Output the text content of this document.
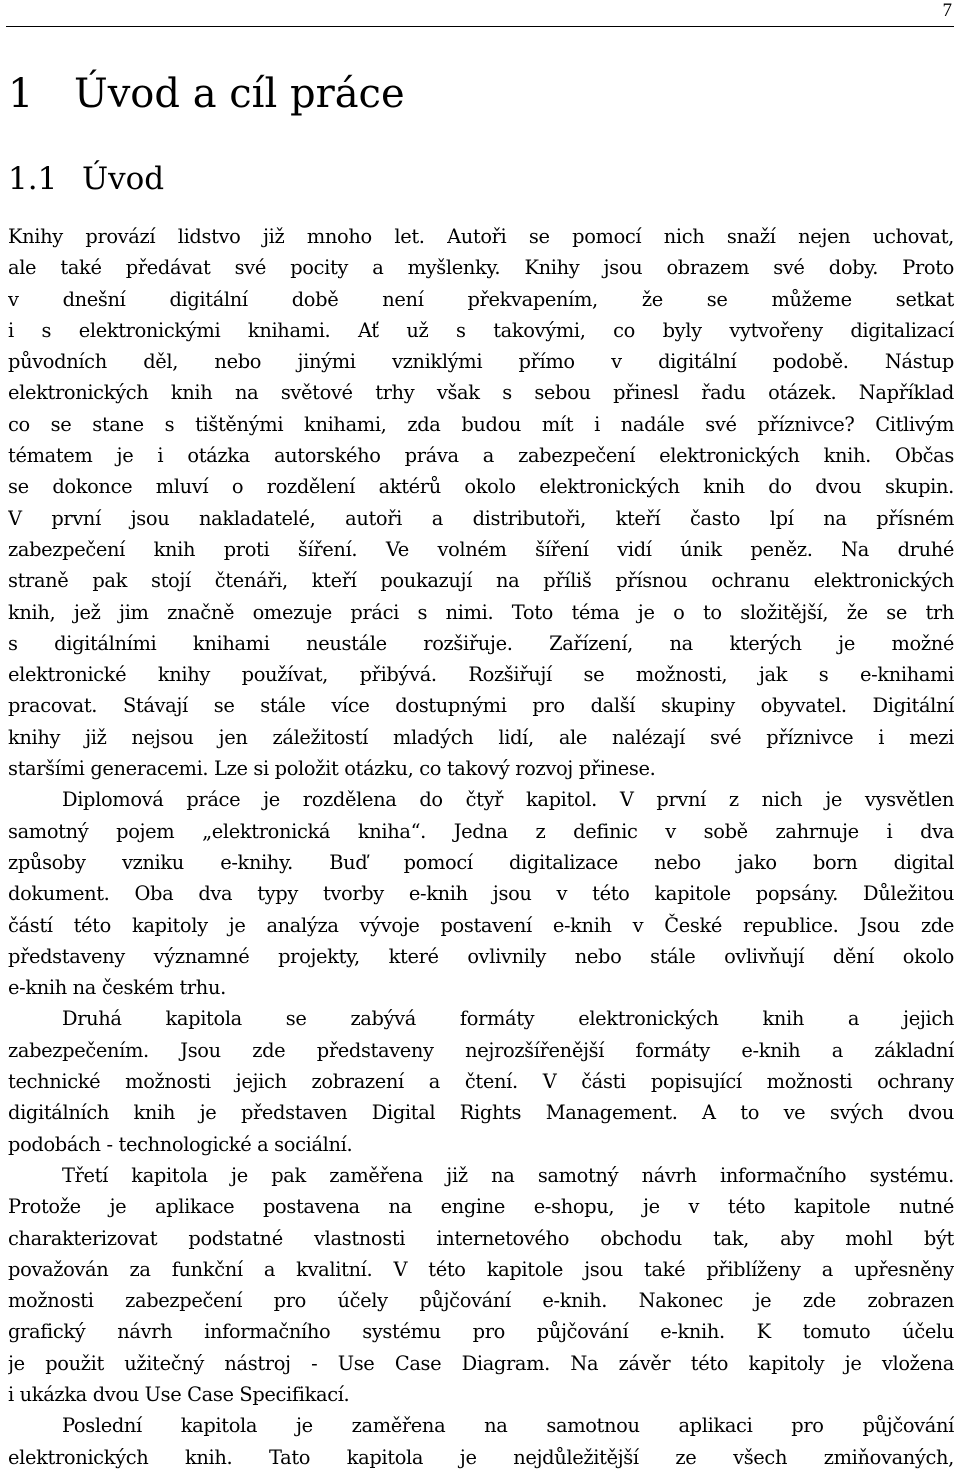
7
1 Úvod a cíl práce
1.1 Úvod
Knihy provází lidstvo již mnoho let. Autoři se pomocí nich snaží nejen uchovat,
ale také předávat své pocity a myšlenky. Knihy jsou obrazem své doby. Proto
v dnešní digitální době není překvapením, že se můžeme setkat
i s elektronickými knihami. Ať už s takovými, co byly vytvořeny digitalizací
původních děl, nebo jinými vzniklými přímo v digitální podobě. Nástup
elektronických knih na světové trhy však s sebou přinesl řadu otázek. Například
co se stane s tištěnými knihami, zda budou mít i nadále své příznivce? Citlivým
tématem je i otázka autorského práva a zabezpečení elektronických knih. Občas
se dokonce mluví o rozdělení aktérů okolo elektronických knih do dvou skupin.
V první jsou nakladatelé, autoři a distributoři, kteří často lpí na přísném
zabezpečení knih proti šíření. Ve volném šíření vidí únik peněz. Na druhé
straně pak stojí čtenáři, kteří poukazují na příliš přísnou ochranu elektronických
knih, jež jim značně omezuje práci s nimi. Toto téma je o to složitější, že se trh
s digitálními knihami neustále rozšiřuje. Zařízení, na kterých je možné
elektronické knihy používat, přibývá. Rozšiřují se možnosti, jak s e-knihami
pracovat. Stávají se stále více dostupnými pro další skupiny obyvatel. Digitální
knihy již nejsou jen záležitostí mladých lidí, ale nalézají své příznivce i mezi
staršími generacemi. Lze si položit otázku, co takový rozvoj přinese.
Diplomová práce je rozdělena do čtyř kapitol. V první z nich je vysvětlen
samotný pojem „elektronická kniha“. Jedna z definic v sobě zahrnuje i dva
způsoby vzniku e-knihy. Buď pomocí digitalizace nebo jako born digital
dokument. Oba dva typy tvorby e-knih jsou v této kapitole popsány. Důležitou
částí této kapitoly je analýza vývoje postavení e-knih v České republice. Jsou zde
představeny významné projekty, které ovlivnily nebo stále ovlivňují dění okolo
e-knih na českém trhu.
Druhá kapitola se zabývá formáty elektronických knih a jejich
zabezpečením. Jsou zde představeny nejrozšířenější formáty e-knih a základní
technické možnosti jejich zobrazení a čtení. V části popisující možnosti ochrany
digitálních knih je představen Digital Rights Management. A to ve svých dvou
podobách - technologické a sociální.
Třetí kapitola je pak zaměřena již na samotný návrh informačního systému.
Protože je aplikace postavena na engine e-shopu, je v této kapitole nutné
charakterizovat podstatné vlastnosti internetového obchodu tak, aby mohl být
považován za funkční a kvalitní. V této kapitole jsou také přiblíženy a upřesněny
možnosti zabezpečení pro účely půjčování e-knih. Nakonec je zde zobrazen
grafický návrh informačního systému pro půjčování e-knih. K tomuto účelu
je použit užitečný nástroj - Use Case Diagram. Na závěr této kapitoly je vložena
i ukázka dvou Use Case Specifikací.
Poslední kapitola je zaměřena na samotnou aplikaci pro půjčování
elektronických knih. Tato kapitola je nejdůležitější ze všech zmiňovaných,
